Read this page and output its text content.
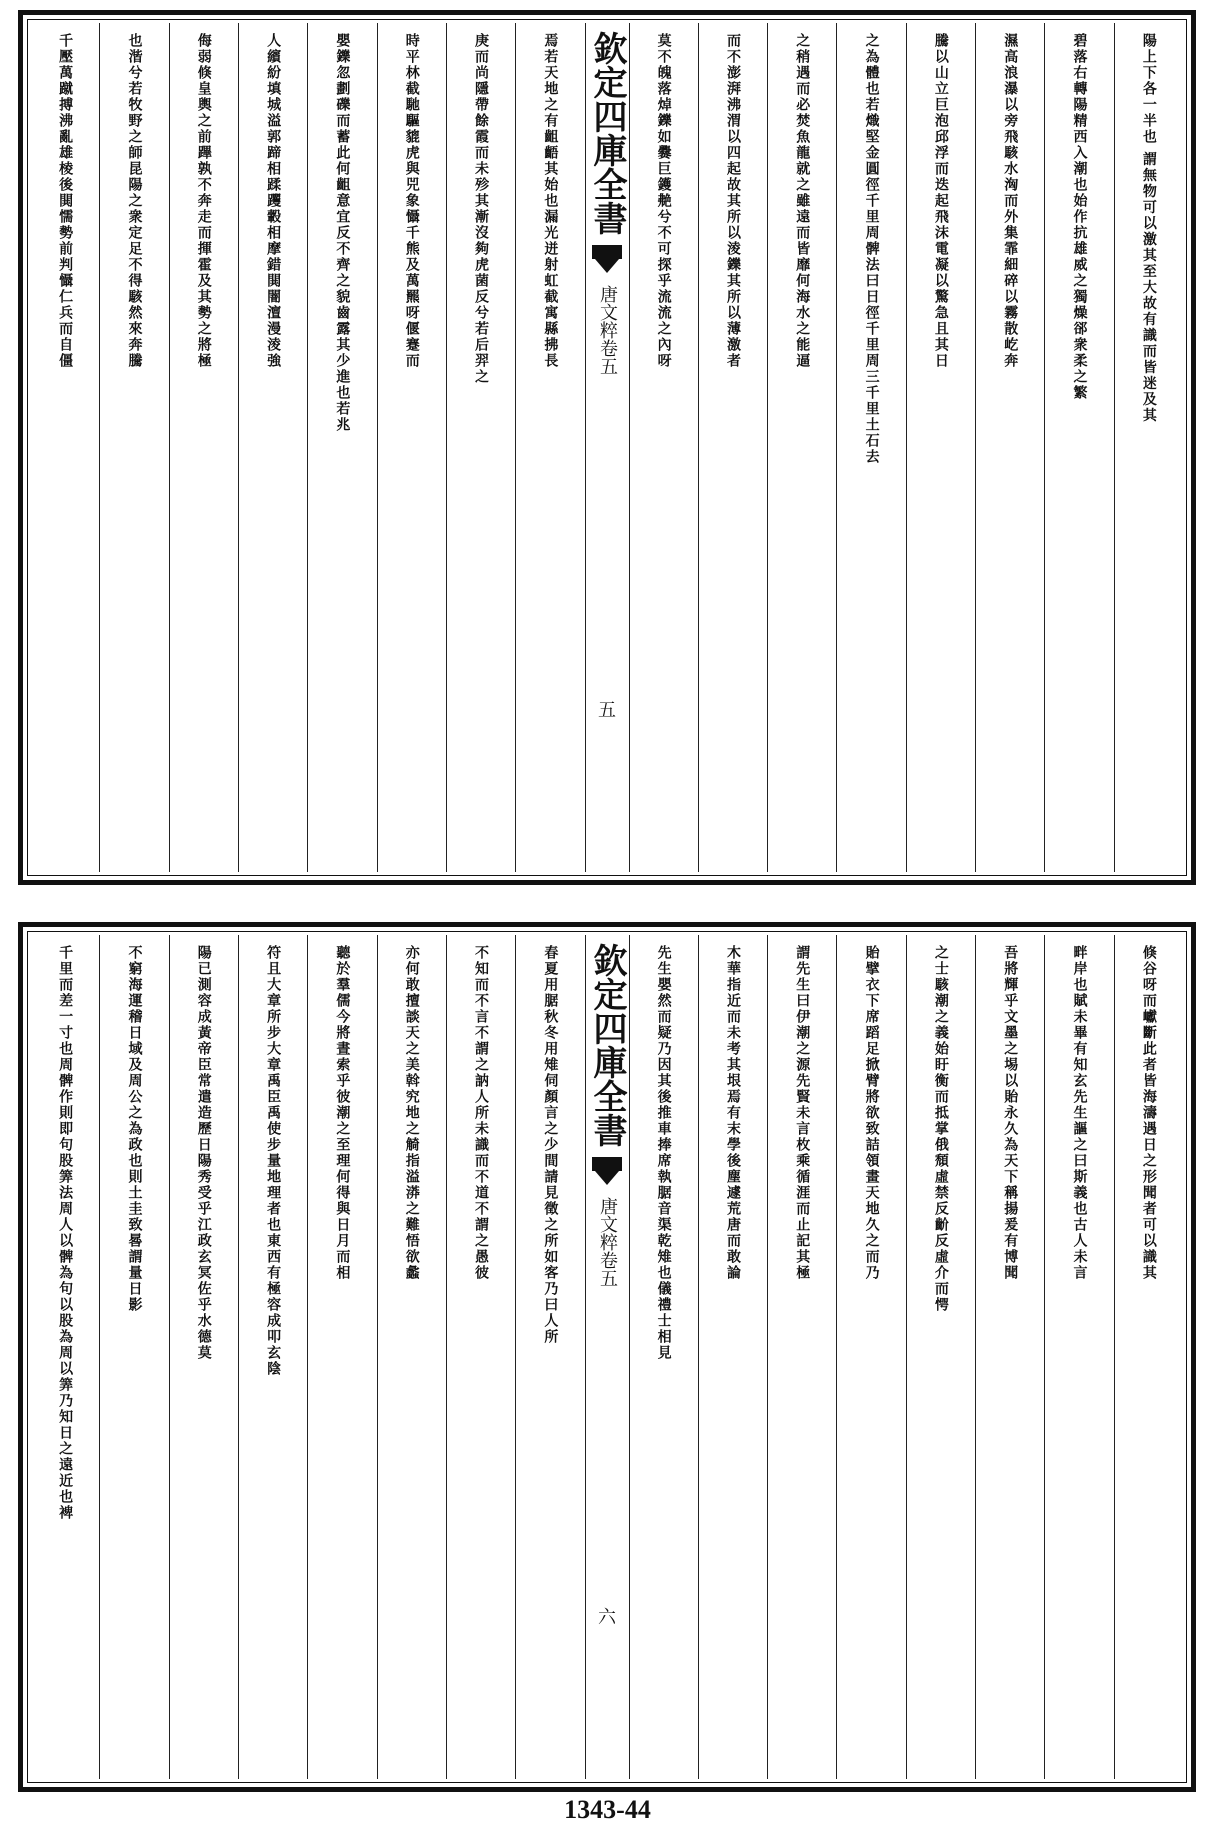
陽上下各一半也 謂無物可以激其至大故有識而皆迷及其
碧落右轉陽精西入潮也始作抗雄威之獨燥郤衆柔之繁
濕高浪瀑以旁飛駭水洶而外集霏細碎以霧散屹奔
騰以山立巨泡邱浮而迭起飛沫電凝以驚急且其日
之為體也若熾堅金圓徑千里周髀法曰日徑千里周三千里土石去
之稍遇而必焚魚龍就之雖遠而皆靡何海水之能逼
而不澎湃沸渭以四起故其所以淩鑠其所以薄激者
莫不魄落焯鑠如爨巨鑊艴兮不可探乎流流之內呀
欽定四庫全書
唐文粹
卷五
五
焉若天地之有齟齬其始也漏光迸射虹截寓縣拂長
庚而尚隱帶餘霞而未殄其漸沒夠虎菌反兮若后羿之
時平林截馳驅貔虎與兕象懾千熊及萬羆呀偃蹇而
嬰鑠忽劃礫而蓄此何齟意宜反不齊之貌齒露其少進也若兆
人繽紛填城溢郭蹄相蹂躩轂相摩錯閧闇澶漫淩強
侮弱倏皇輿之前蹕孰不奔走而揮霍及其勢之將極
也湝兮若牧野之師昆陽之衆定足不得駭然來奔騰
千壓萬蹴搏沸亂雄棱後閧懦勢前判懾仁兵而自僵
倏谷呀而巘斷此者皆海濤遇日之形聞者可以識其
畔岸也賦未畢有知玄先生謳之曰斯義也古人未言
吾將輝乎文墨之埸以貽永久為天下稱揚爰有博聞
之士駭潮之義始盱衡而抵掌俄頹虛禁反齘反虛介而愕
貽擘衣下席蹈足掀臂將欲致詰領畫天地久之而乃
謂先生曰伊潮之源先賢未言枚乘循涯而止記其極
木華指近而未考其垠焉有末學後塵遽荒唐而敢論
先生嬰然而疑乃因其後推車捧席執腒音渠乾雉也儀禮士相見
欽定四庫全書
唐文粹
卷五
六
春夏用腒秋冬用雉伺顏言之少間請見徵之所如客乃曰人所
不知而不言不謂之訥人所未識而不道不謂之愚彼
亦何敢擅談天之美斡究地之觭指溢漭之難悟欲蠡
聽於羣儒今將晝索乎彼潮之至理何得與日月而相
符且大章所步大章禹臣禹使步量地理者也東西有極容成叩玄陰
陽已測容成黃帝臣常遣造歷日陽秀受乎江政玄冥佐乎水德莫
不窮海運稽日域及周公之為政也則土圭致晷謂量日影
千里而差一寸也周髀作則即句股筭法周人以髀為句以股為周以筭乃知日之遠近也裨
1343-44
